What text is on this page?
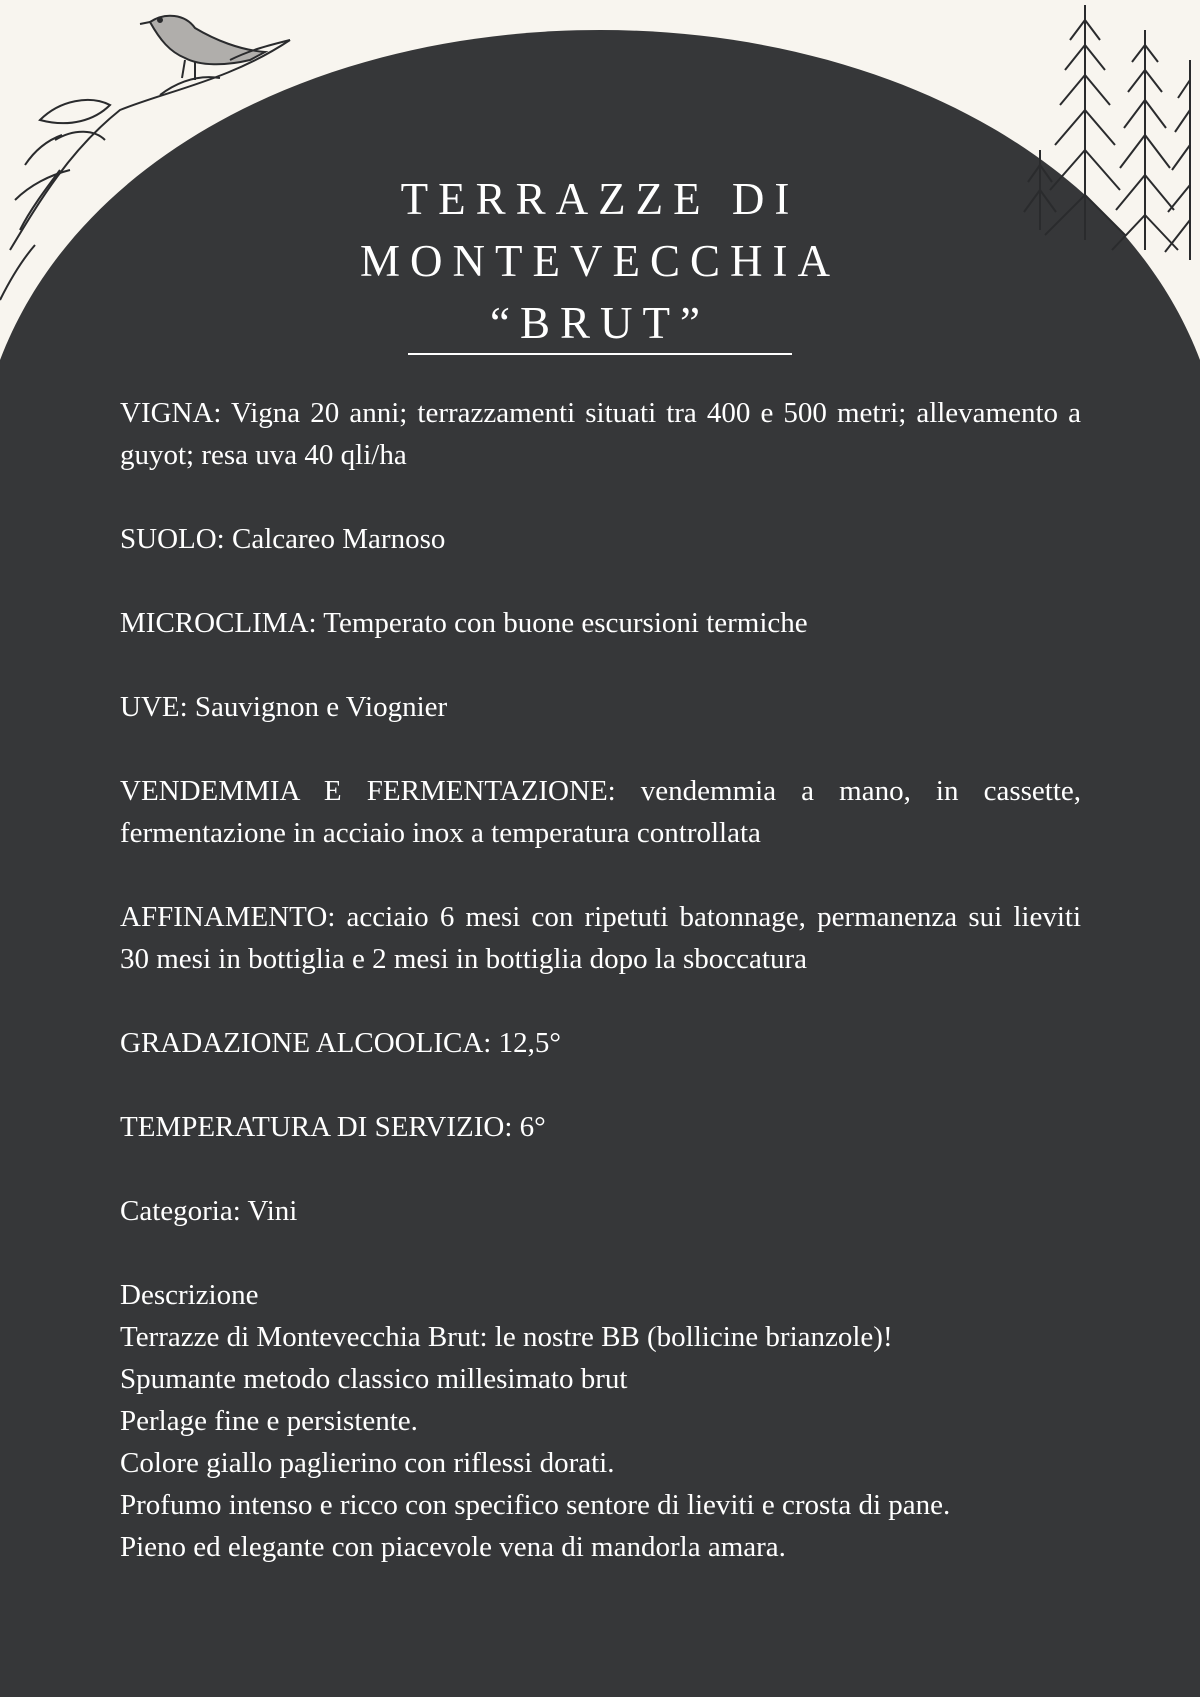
TERRAZZE DI
MONTEVECCHIA
“BRUT”

VIGNA: Vigna 20 anni; terrazzamenti situati tra 400 e 500 metri; allevamento a guyot; resa uva 40 qli/ha

SUOLO: Calcareo Marnoso

MICROCLIMA: Temperato con buone escursioni termiche

UVE: Sauvignon e Viognier

VENDEMMIA E FERMENTAZIONE: vendemmia a mano, in cassette, fermentazione in acciaio inox a temperatura controllata

AFFINAMENTO: acciaio 6 mesi con ripetuti batonnage, permanenza sui lieviti 30 mesi in bottiglia e 2 mesi in bottiglia dopo la sboccatura

GRADAZIONE ALCOOLICA: 12,5°

TEMPERATURA DI SERVIZIO: 6°

Categoria: Vini

Descrizione

Terrazze di Montevecchia Brut: le nostre BB (bollicine brianzole)!

Spumante metodo classico millesimato brut

Perlage fine e persistente.

Colore giallo paglierino con riflessi dorati.

Profumo intenso e ricco con specifico sentore di lieviti e crosta di pane.

Pieno ed elegante con piacevole vena di mandorla amara.
